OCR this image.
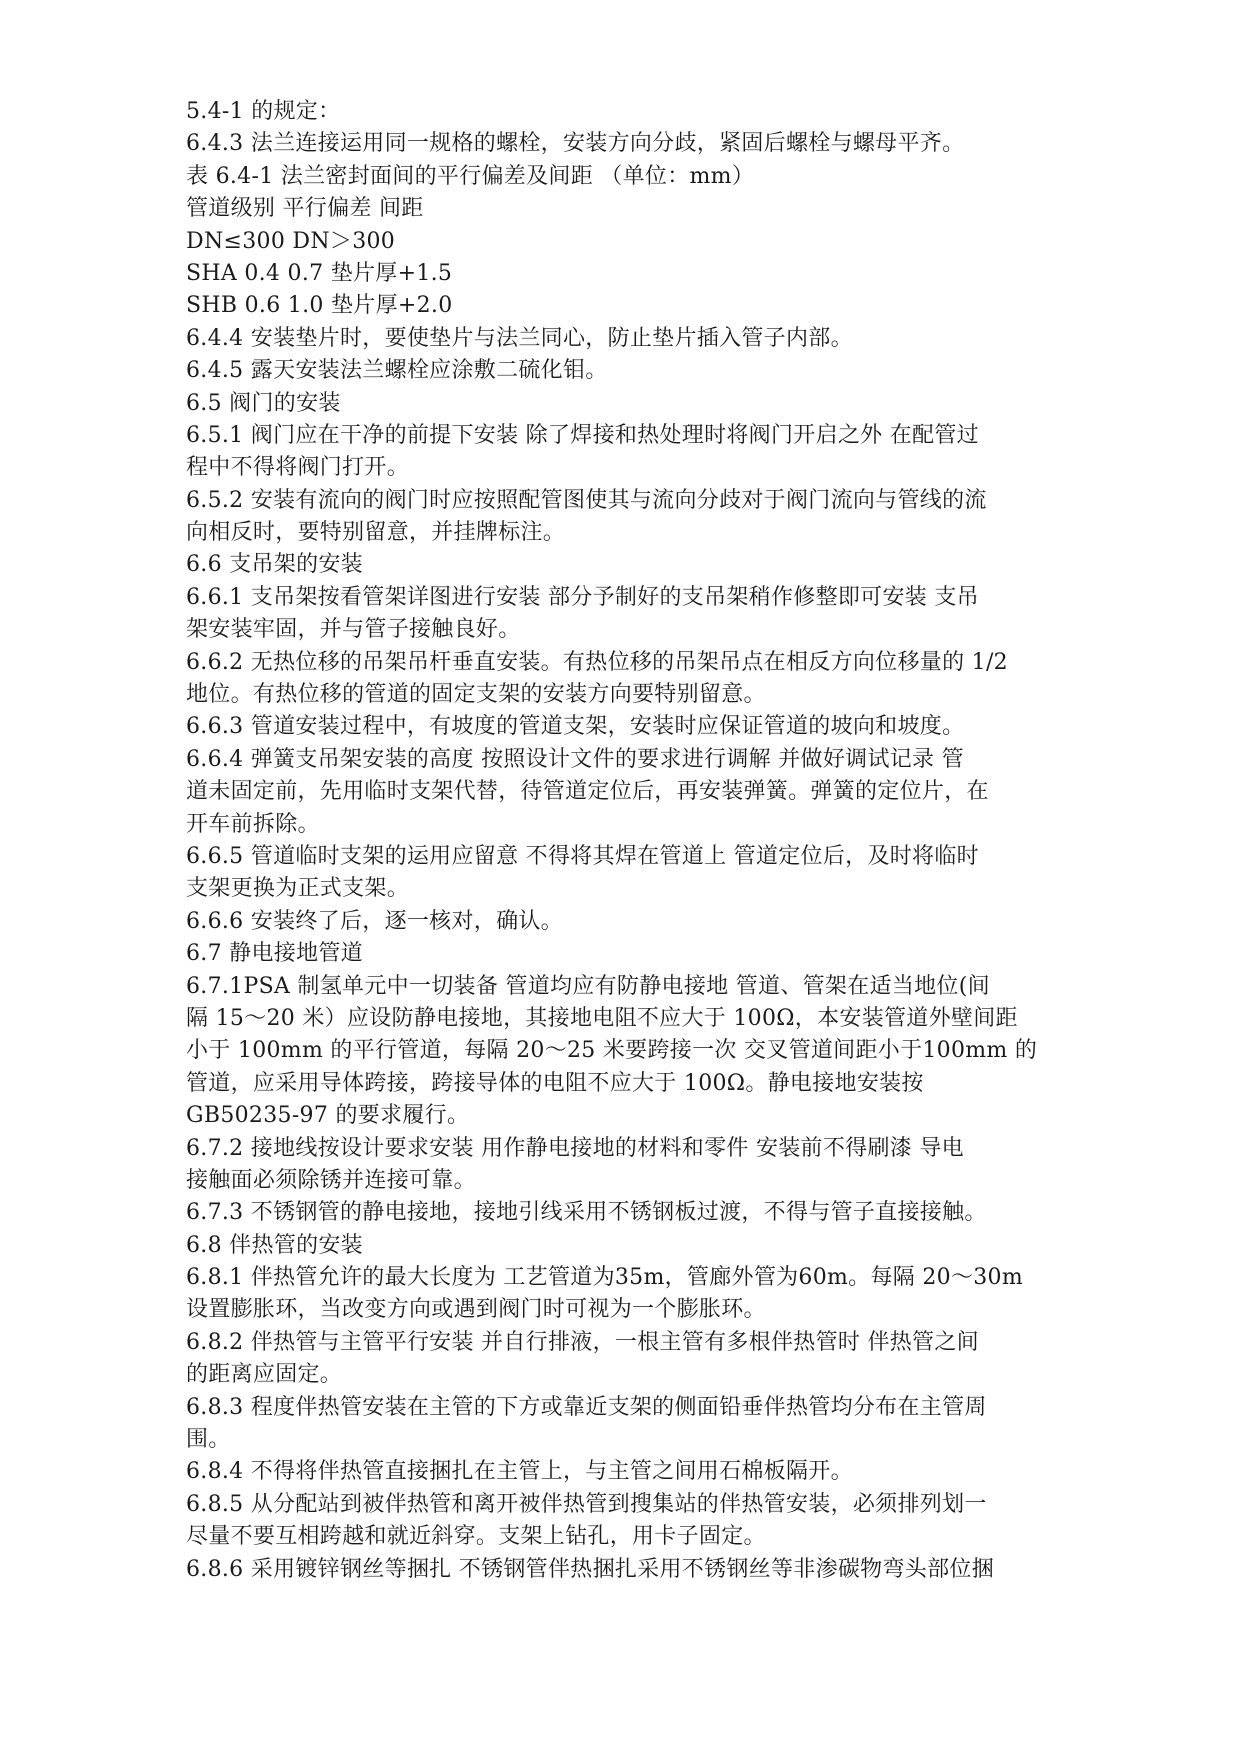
5.4-1 的规定：
6.4.3 法兰连接运用同一规格的螺栓，安装方向分歧，紧固后螺栓与螺母平齐。
表 6.4-1 法兰密封面间的平行偏差及间距 （单位：mm）
管道级别 平行偏差 间距
DN≤300 DN＞300
SHA 0.4 0.7 垫片厚+1.5
SHB 0.6 1.0 垫片厚+2.0
6.4.4 安装垫片时，要使垫片与法兰同心，防止垫片插入管子内部。
6.4.5 露天安装法兰螺栓应涂敷二硫化钼。
6.5 阀门的安装
6.5.1 阀门应在干净的前提下安装 除了焊接和热处理时将阀门开启之外 在配管过
程中不得将阀门打开。
6.5.2 安装有流向的阀门时应按照配管图使其与流向分歧对于阀门流向与管线的流
向相反时，要特别留意，并挂牌标注。
6.6 支吊架的安装
6.6.1 支吊架按看管架详图进行安装 部分予制好的支吊架稍作修整即可安装 支吊
架安装牢固，并与管子接触良好。
6.6.2 无热位移的吊架吊杆垂直安装。有热位移的吊架吊点在相反方向位移量的 1/2
地位。有热位移的管道的固定支架的安装方向要特别留意。
6.6.3 管道安装过程中，有坡度的管道支架，安装时应保证管道的坡向和坡度。
6.6.4 弹簧支吊架安装的高度 按照设计文件的要求进行调解 并做好调试记录 管
道未固定前，先用临时支架代替，待管道定位后，再安装弹簧。弹簧的定位片，在
开车前拆除。
6.6.5 管道临时支架的运用应留意 不得将其焊在管道上 管道定位后，及时将临时
支架更换为正式支架。
6.6.6 安装终了后，逐一核对，确认。
6.7 静电接地管道
6.7.1PSA 制氢单元中一切装备 管道均应有防静电接地 管道、管架在适当地位(间
隔 15～20 米）应设防静电接地，其接地电阻不应大于 100Ω，本安装管道外壁间距
小于 100mm 的平行管道，每隔 20～25 米要跨接一次 交叉管道间距小于100mm 的
管道，应采用导体跨接，跨接导体的电阻不应大于 100Ω。静电接地安装按
GB50235-97 的要求履行。
6.7.2 接地线按设计要求安装 用作静电接地的材料和零件 安装前不得刷漆 导电
接触面必须除锈并连接可靠。
6.7.3 不锈钢管的静电接地，接地引线采用不锈钢板过渡，不得与管子直接接触。
6.8 伴热管的安装
6.8.1 伴热管允许的最大长度为 工艺管道为35m，管廊外管为60m。每隔 20～30m
设置膨胀环，当改变方向或遇到阀门时可视为一个膨胀环。
6.8.2 伴热管与主管平行安装 并自行排液，一根主管有多根伴热管时 伴热管之间
的距离应固定。
6.8.3 程度伴热管安装在主管的下方或靠近支架的侧面铅垂伴热管均分布在主管周
围。
6.8.4 不得将伴热管直接捆扎在主管上，与主管之间用石棉板隔开。
6.8.5 从分配站到被伴热管和离开被伴热管到搜集站的伴热管安装，必须排列划一
尽量不要互相跨越和就近斜穿。支架上钻孔，用卡子固定。
6.8.6 采用镀锌钢丝等捆扎 不锈钢管伴热捆扎采用不锈钢丝等非渗碳物弯头部位捆
